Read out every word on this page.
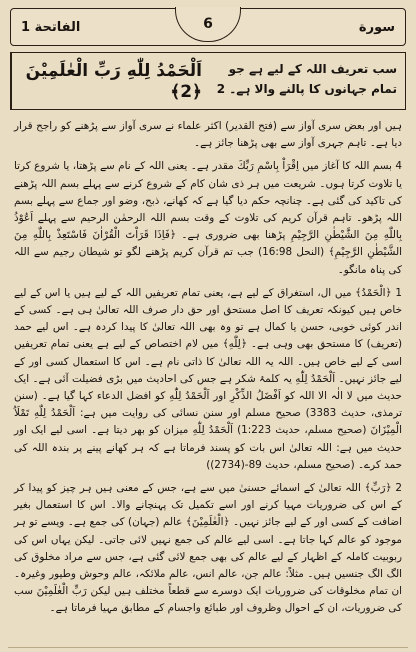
الفاتحة 1	6	سورة
اَلْحَمْدُ لِلّٰهِ رَبِّ الْعٰلَمِيْنَ ﴿2﴾
سب تعریف اللہ کے لیے ہے جو تمام جہانوں کا پالنے والا ہے۔ 2

ہیں اور بعض سری آواز سے (فتح القدیر) اکثر علماء نے سری آواز سے پڑھنے کو راجح قرار دیا ہے۔ تاہم جہری آواز سے بھی پڑھنا جائز ہے۔

4 بسم اللہ کا آغاز میں اِقْرَاْ بِاسْمِ رَبِّكَ مقدر ہے۔ یعنی اللہ کے نام سے پڑھتا، یا شروع کرتا یا تلاوت کرتا ہوں۔ شریعت میں ہر ذی شان کام کے شروع کرنے سے پہلے بسم اللہ پڑھنے کی تاکید کی گئی ہے۔ چنانچہ حکم دیا گیا ہے کہ کھانے، ذبح، وضو اور جماع سے پہلے بسم اللہ پڑھو۔ تاہم قرآن کریم کی تلاوت کے وقت بسم اللہ الرحمٰن الرحیم سے پہلے اَعُوْذُ بِاللّٰهِ مِنَ الشَّيْطٰنِ الرَّجِيْمِ پڑھنا بھی ضروری ہے۔ ﴿فَاِذَا قَرَاْتَ الْقُرْاٰنَ فَاسْتَعِذْ بِاللّٰهِ مِنَ الشَّيْطٰنِ الرَّجِيْمِ﴾ (النحل 16:98) جب تم قرآن کریم پڑھنے لگو تو شیطان رجیم سے اللہ کی پناہ مانگو۔

1 ﴿الْحَمْدُ﴾ میں ال، استغراق کے لیے ہے، یعنی تمام تعریفیں اللہ کے لیے ہیں یا اس کے لیے خاص ہیں کیونکہ تعریف کا اصل مستحق اور حق دار صرف اللہ تعالیٰ ہی ہے۔ کسی کے اندر کوئی خوبی، حسن یا کمال ہے تو وہ بھی اللہ تعالیٰ کا پیدا کردہ ہے۔ اس لیے حمد (تعریف) کا مستحق بھی وہی ہے۔ ﴿لِلّٰهِ﴾ میں لام اختصاص کے لیے ہے یعنی تمام تعریفیں اسی کے لیے خاص ہیں۔ اللہ یہ اللہ تعالیٰ کا ذاتی نام ہے۔ اس کا استعمال کسی اور کے لیے جائز نہیں۔ اَلْحَمْدُ لِلّٰهِ یہ کلمۂ شکر ہے جس کی احادیث میں بڑی فضیلت آئی ہے۔ ایک حدیث میں لا الٰہ الا اللہ کو اَفْضَلُ الذِّكْرِ اور اَلْحَمْدُ لِلّٰهِ کو افضل الدعاء کہا گیا ہے۔ (سنن ترمذی، حدیث 3383) صحیح مسلم اور سنن نسائی کی روایت میں ہے: اَلْحَمْدُ لِلّٰهِ تَمْلَاُ الْمِيْزَانَ (صحیح مسلم، حدیث 1:223) اَلْحَمْدُ لِلّٰهِ میزان کو بھر دیتا ہے۔ اسی لیے ایک اور حدیث میں ہے: اللہ تعالیٰ اس بات کو پسند فرماتا ہے کہ ہر کھانے پینے پر بندہ اللہ کی حمد کرے۔ (صحیح مسلم، حدیث 89-(2734))

2 ﴿رَبِّ﴾ اللہ تعالیٰ کے اسمائے حسنیٰ میں سے ہے، جس کے معنی ہیں ہر چیز کو پیدا کر کے اس کی ضروریات مہیا کرنے اور اسے تکمیل تک پہنچانے والا۔ اس کا استعمال بغیر اضافت کے کسی اور کے لیے جائز نہیں۔ ﴿الْعٰلَمِيْنَ﴾ عالم (جہان) کی جمع ہے۔ ویسے تو ہر موجود کو عالم کہا جاتا ہے۔ اسی لیے عالم کی جمع نہیں لائی جاتی۔ لیکن یہاں اس کی ربوبیت کاملہ کے اظہار کے لیے عالم کی بھی جمع لائی گئی ہے، جس سے مراد مخلوق کی الگ الگ جنسیں ہیں۔ مثلاً: عالم جن، عالم انس، عالم ملائکہ، عالم وحوش وطیور وغیرہ۔ ان تمام مخلوقات کی ضروریات ایک دوسرے سے قطعاً مختلف ہیں لیکن رَبِّ الْعٰلَمِيْنَ سب کی ضروریات، ان کے احوال وظروف اور طبائع واجسام کے مطابق مہیا فرماتا ہے۔
